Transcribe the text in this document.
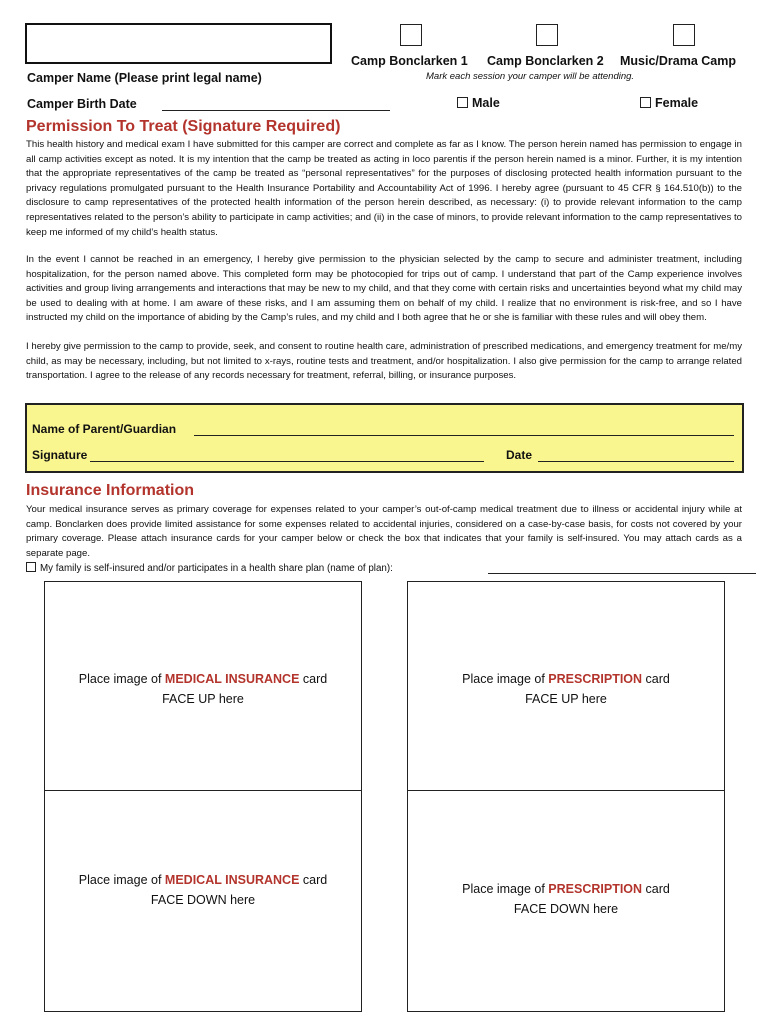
Camper Name (Please print legal name)
Camp Bonclarken 1 Camp Bonclarken 2 Music/Drama Camp
Mark each session your camper will be attending.
Camper Birth Date	Male	Female
Permission To Treat (Signature Required)
This health history and medical exam I have submitted for this camper are correct and complete as far as I know. The person herein named has permission to engage in all camp activities except as noted. It is my intention that the camp be treated as acting in loco parentis if the person herein named is a minor. Further, it is my intention that the appropriate representatives of the camp be treated as “personal representatives” for the purposes of disclosing protected health information pursuant to the privacy regulations promulgated pursuant to the Health Insurance Portability and Accountability Act of 1996. I hereby agree (pursuant to 45 CFR § 164.510(b)) to the disclosure to camp representatives of the protected health information of the person herein described, as necessary: (i) to provide relevant information to the camp representatives related to the person’s ability to participate in camp activities; and (ii) in the case of minors, to provide relevant information to the camp representatives to keep me informed of my child’s health status.
In the event I cannot be reached in an emergency, I hereby give permission to the physician selected by the camp to secure and administer treatment, including hospitalization, for the person named above. This completed form may be photocopied for trips out of camp. I understand that part of the Camp experience involves activities and group living arrangements and interactions that may be new to my child, and that they come with certain risks and uncertainties beyond what my child may be used to dealing with at home. I am aware of these risks, and I am assuming them on behalf of my child. I realize that no environment is risk-free, and so I have instructed my child on the importance of abiding by the Camp’s rules, and my child and I both agree that he or she is familiar with these rules and will obey them.
I hereby give permission to the camp to provide, seek, and consent to routine health care, administration of prescribed medications, and emergency treatment for me/my child, as may be necessary, including, but not limited to x-rays, routine tests and treatment, and/or hospitalization. I also give permission for the camp to arrange related transportation. I agree to the release of any records necessary for treatment, referral, billing, or insurance purposes.
Name of Parent/Guardian
Signature	Date
Insurance Information
Your medical insurance serves as primary coverage for expenses related to your camper’s out-of-camp medical treatment due to illness or accidental injury while at camp. Bonclarken does provide limited assistance for some expenses related to accidental injuries, considered on a case-by-case basis, for costs not covered by your primary coverage. Please attach insurance cards for your camper below or check the box that indicates that your family is self-insured. You may attach cards as a separate page.
My family is self-insured and/or participates in a health share plan (name of plan):
Place image of MEDICAL INSURANCE card
FACE UP here
Place image of PRESCRIPTION card
FACE UP here
Place image of MEDICAL INSURANCE card
FACE DOWN here
Place image of PRESCRIPTION card
FACE DOWN here
